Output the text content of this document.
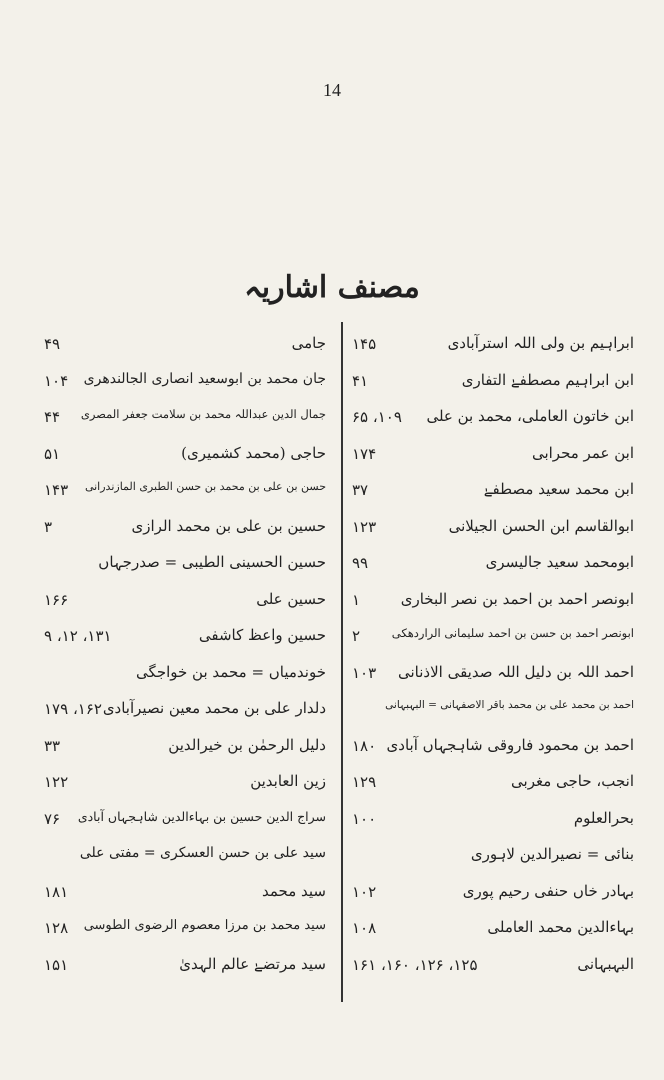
14
مصنف اشاریہ
ابراہیم بن ولی اللہ استرآبادی
۱۴۵
ابن ابراہیم مصطفےٰ التفاری
۴۱
ابن خاتون العاملی، محمد بن علی
۱۰۹، ۶۵
ابن عمر محرابی
۱۷۴
ابن محمد سعید مصطفےٰ
۳۷
ابوالقاسم ابن الحسن الجیلانی
۱۲۳
ابومحمد سعید جالیسری
۹۹
ابونصر احمد بن احمد بن نصر البخاری
۱
ابونصر احمد بن حسن بن احمد سلیمانی الراردهکی
۲
احمد اللہ بن دلیل اللہ صدیقی الاذنانی
۱۰۳
احمد بن محمد علی بن محمد باقر الاصفہانی = البہبہانی
احمد بن محمود فاروقی شاہجہاں آبادی
۱۸۰
انجب، حاجی مغربی
۱۲۹
بحرالعلوم
۱۰۰
بنائی = نصیرالدین لاہوری
بہادر خاں حنفی رحیم پوری
۱۰۲
بہاءالدین محمد العاملی
۱۰۸
البہبہانی
۱۲۵، ۱۲۶، ۱۶۰، ۱۶۱
جامی
۴۹
جان محمد بن ابوسعید انصاری الجالندھری
۱۰۴
جمال الدین عبداللہ محمد بن سلامت جعفر المصری
۴۴
حاجی (محمد کشمیری)
۵۱
حسن بن علی بن محمد بن حسن الطبری المازندرانی
۱۴۳
حسین بن علی بن محمد الرازی
۳
حسین الحسینی الطیبی = صدرجہاں
حسین علی
۱۶۶
حسین واعظ کاشفی
۱۳۱، ۱۲، ۹
خوندمیاں = محمد بن خواجگی
دلدار علی بن محمد معین نصیرآبادی
۱۶۲، ۱۷۹
دلیل الرحمٰن بن خیرالدین
۳۳
زین العابدین
۱۲۲
سراج الدین حسین بن بہاءالدین شاہجہاں آبادی
۷۶
سید علی بن حسن العسکری = مفتی علی
سید محمد
۱۸۱
سید محمد بن مرزا معصوم الرضوی الطوسی
۱۲۸
سید مرتضےٰ عالم الہدیٰ
۱۵۱
